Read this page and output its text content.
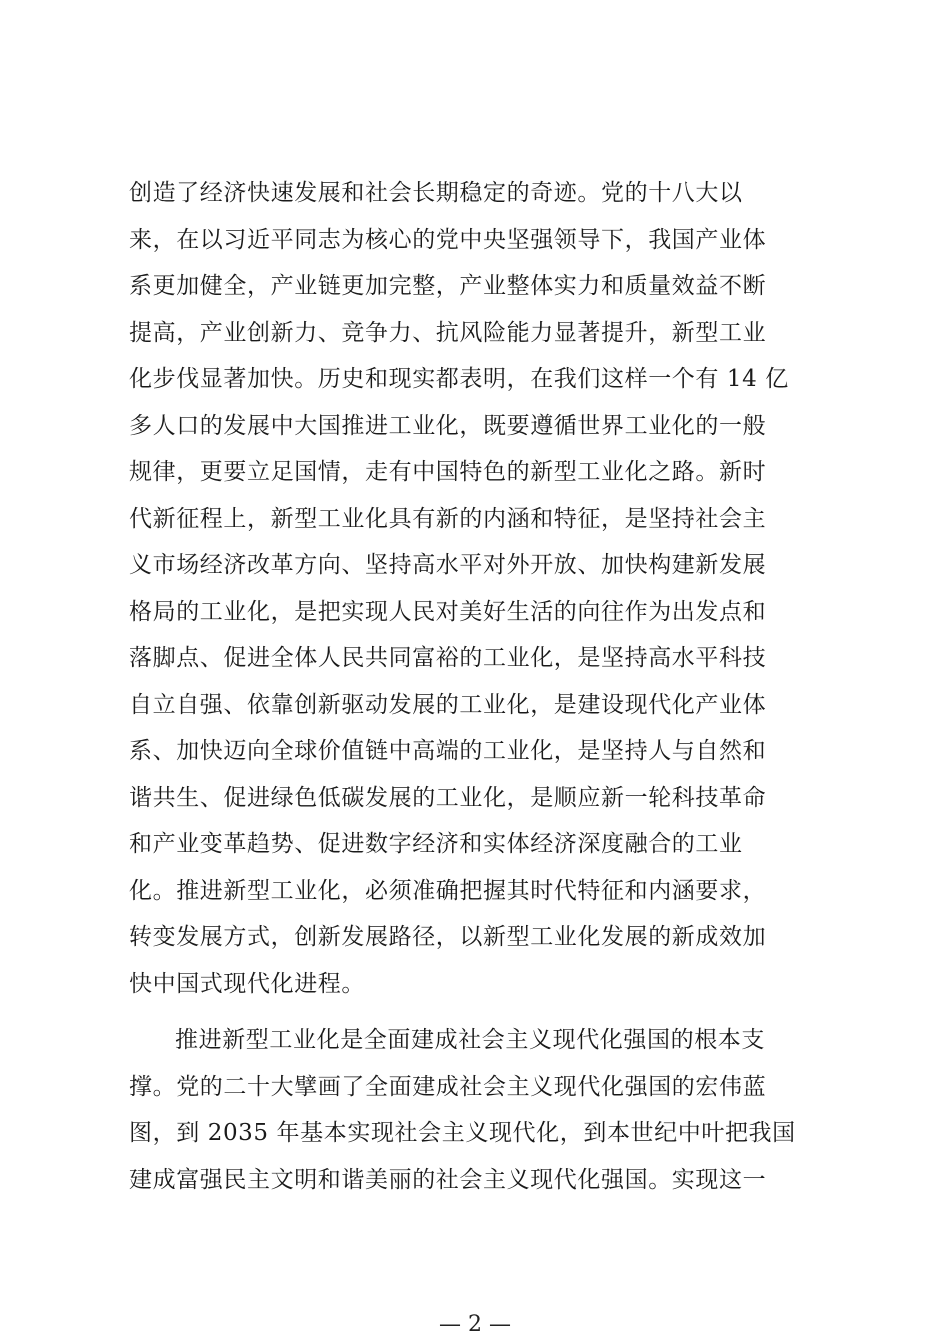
创造了经济快速发展和社会长期稳定的奇迹。党的十八大以
来，在以习近平同志为核心的党中央坚强领导下，我国产业体
系更加健全，产业链更加完整，产业整体实力和质量效益不断
提高，产业创新力、竞争力、抗风险能力显著提升，新型工业
化步伐显著加快。历史和现实都表明，在我们这样一个有 14 亿
多人口的发展中大国推进工业化，既要遵循世界工业化的一般
规律，更要立足国情，走有中国特色的新型工业化之路。新时
代新征程上，新型工业化具有新的内涵和特征，是坚持社会主
义市场经济改革方向、坚持高水平对外开放、加快构建新发展
格局的工业化，是把实现人民对美好生活的向往作为出发点和
落脚点、促进全体人民共同富裕的工业化，是坚持高水平科技
自立自强、依靠创新驱动发展的工业化，是建设现代化产业体
系、加快迈向全球价值链中高端的工业化，是坚持人与自然和
谐共生、促进绿色低碳发展的工业化，是顺应新一轮科技革命
和产业变革趋势、促进数字经济和实体经济深度融合的工业
化。推进新型工业化，必须准确把握其时代特征和内涵要求，
转变发展方式，创新发展路径，以新型工业化发展的新成效加
快中国式现代化进程。
推进新型工业化是全面建成社会主义现代化强国的根本支
撑。党的二十大擘画了全面建成社会主义现代化强国的宏伟蓝
图，到 2035 年基本实现社会主义现代化，到本世纪中叶把我国
建成富强民主文明和谐美丽的社会主义现代化强国。实现这一
— 2 —
